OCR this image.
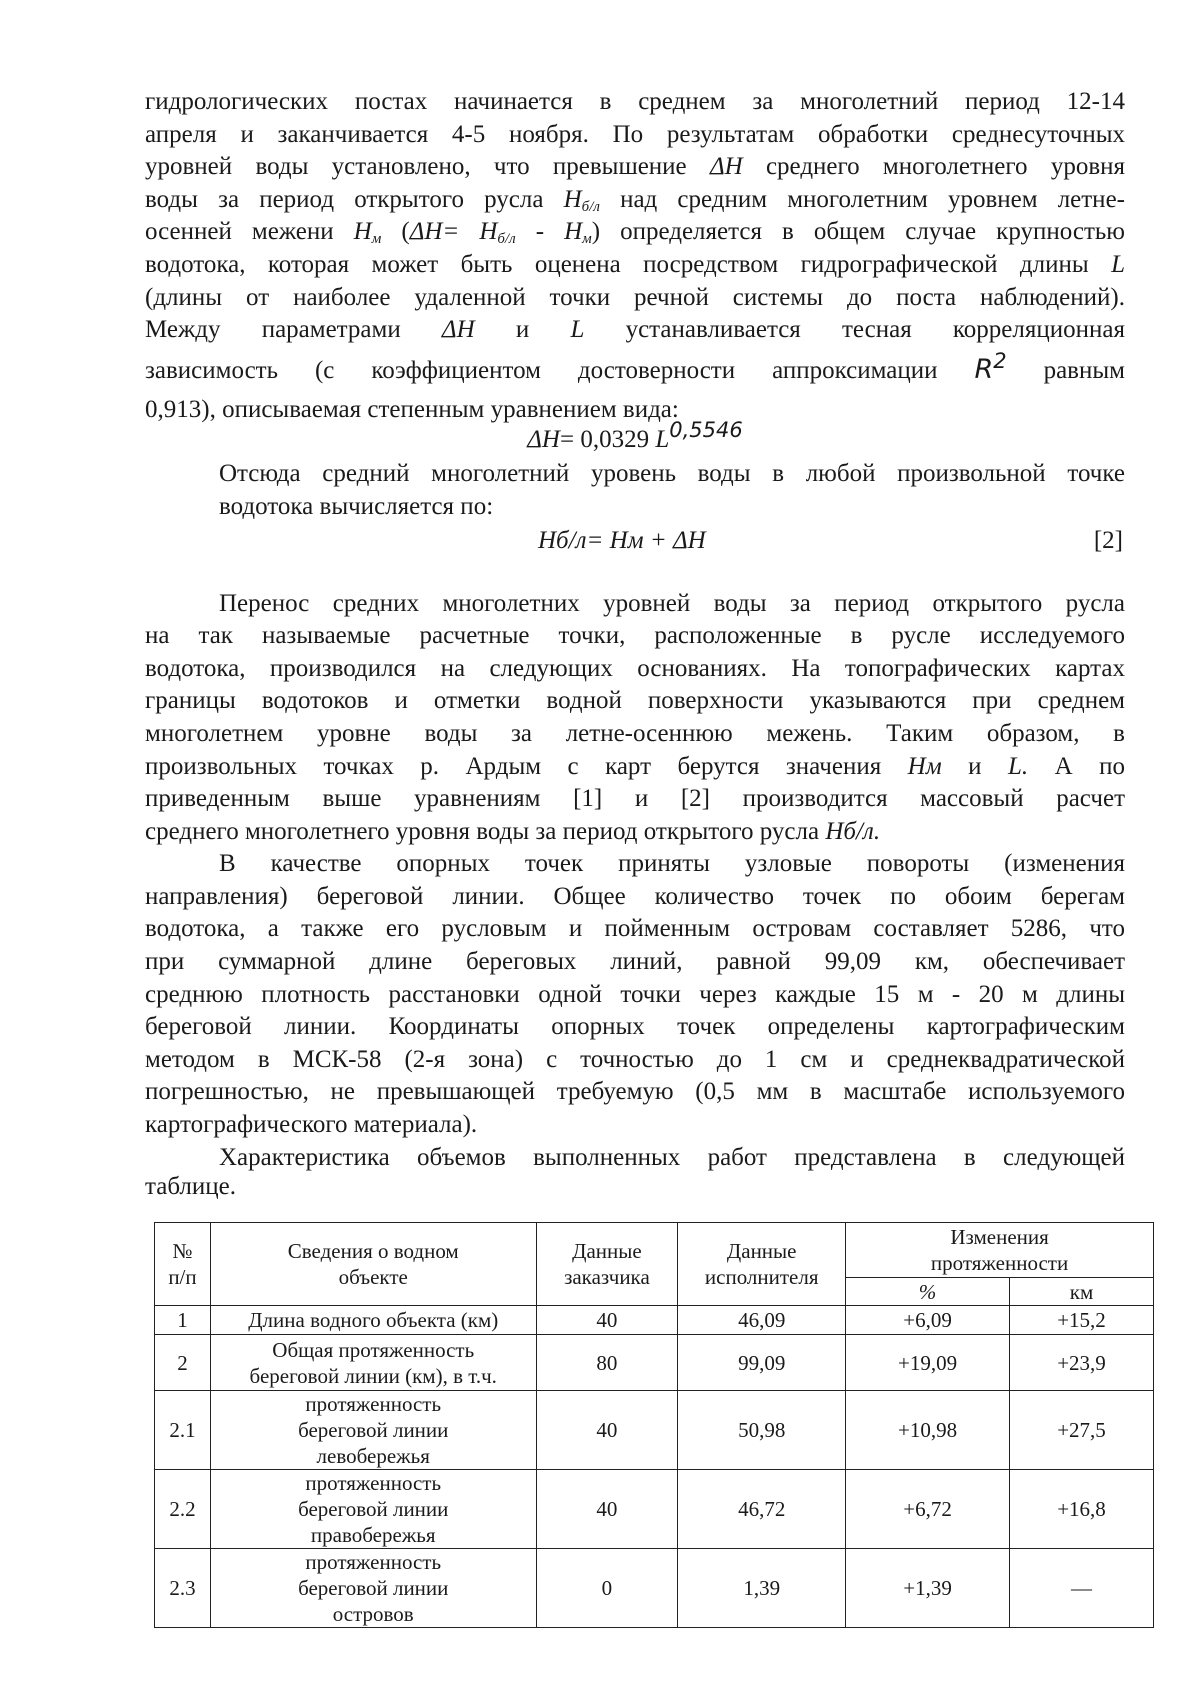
гидрологических постах начинается в среднем за многолетний период 12-14
апреля и заканчивается 4-5 ноября. По результатам обработки среднесуточных
уровней воды установлено, что превышение ΔH среднего многолетнего уровня
воды за период открытого русла $H_{б/л}$ над средним многолетним уровнем летне-
осенней межени $H_м$ $(\Delta H= H_{б/л} - H_м)$ определяется в общем случае крупностью
водотока, которая может быть оценена посредством гидрографической длины L
(длины от наиболее удаленной точки речной системы до поста наблюдений).
Между параметрами ΔH и L устанавливается тесная корреляционная
зависимость (с коэффициентом достоверности аппроксимации $R^2$ равным
0,913), описываемая степенным уравнением вида:

ΔH= 0,0329 $L^{0,5546}$

Отсюда средний многолетний уровень воды в любой произвольной точке
водотока вычисляется по:

Нб/л= Нм + ΔH	[2]

Перенос средних многолетних уровней воды за период открытого русла
на так называемые расчетные точки, расположенные в русле исследуемого
водотока, производился на следующих основаниях. На топографических картах
границы водотоков и отметки водной поверхности указываются при среднем
многолетнем уровне воды за летне-осеннюю межень. Таким образом, в
произвольных точках р. Ардым с карт берутся значения Нм и L. А по
приведенным выше уравнениям [1] и [2] производится массовый расчет
среднего многолетнего уровня воды за период открытого русла Нб/л.

В качестве опорных точек приняты узловые повороты (изменения
направления) береговой линии. Общее количество точек по обоим берегам
водотока, а также его русловым и пойменным островам составляет 5286, что
при суммарной длине береговых линий, равной 99,09 км, обеспечивает
среднюю плотность расстановки одной точки через каждые 15 м - 20 м длины
береговой линии. Координаты опорных точек определены картографическим
методом в МСК-58 (2-я зона) с точностью до 1 см и среднеквадратической
погрешностью, не превышающей требуемую (0,5 мм в масштабе используемого
картографического материала).

Характеристика объемов выполненных работ представлена в следующей
таблице.

№ п/п	Сведения о водном объекте	Данные заказчика	Данные исполнителя	Изменения протяженности	
				%	км
1	Длина водного объекта (км)	40	46,09	+6,09	+15,2
2	Общая протяженность береговой линии (км), в т.ч.	80	99,09	+19,09	+23,9
2.1	протяженность береговой линии левобережья	40	50,98	+10,98	+27,5
2.2	протяженность береговой линии правобережья	40	46,72	+6,72	+16,8
2.3	протяженность береговой линии островов	0	1,39	+1,39	—
